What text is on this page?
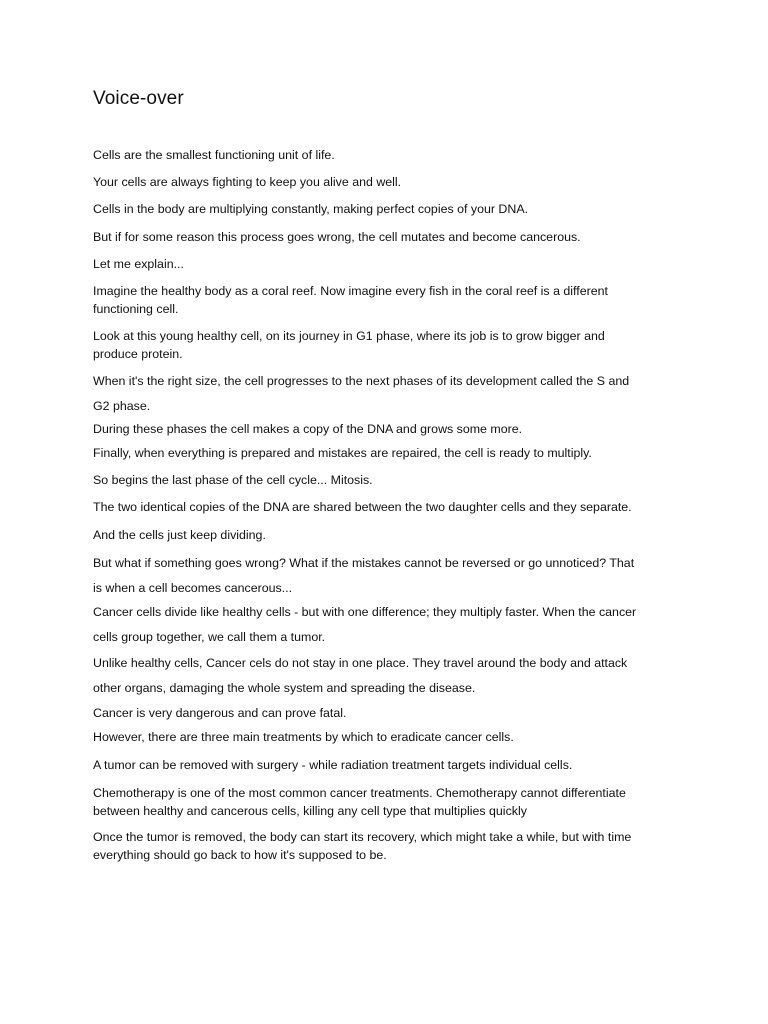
Voice-over

Cells are the smallest functioning unit of life.

Your cells are always fighting to keep you alive and well.

Cells in the body are multiplying constantly, making perfect copies of your DNA.

But if for some reason this process goes wrong, the cell mutates and become cancerous.

Let me explain...

Imagine the healthy body as a coral reef. Now imagine every fish in the coral reef is a different
functioning cell.

Look at this young healthy cell, on its journey in G1 phase, where its job is to grow bigger and
produce protein.

When it's the right size, the cell progresses to the next phases of its development called the S and
G2 phase.

During these phases the cell makes a copy of the DNA and grows some more.

Finally, when everything is prepared and mistakes are repaired, the cell is ready to multiply.

So begins the last phase of the cell cycle... Mitosis.

The two identical copies of the DNA are shared between the two daughter cells and they separate.

And the cells just keep dividing.

But what if something goes wrong? What if the mistakes cannot be reversed or go unnoticed? That
is when a cell becomes cancerous...

Cancer cells divide like healthy cells - but with one difference; they multiply faster. When the cancer
cells group together, we call them a tumor.

Unlike healthy cells, Cancer cels do not stay in one place. They travel around the body and attack
other organs, damaging the whole system and spreading the disease.

Cancer is very dangerous and can prove fatal.

However, there are three main treatments by which to eradicate cancer cells.

A tumor can be removed with surgery - while radiation treatment targets individual cells.

Chemotherapy is one of the most common cancer treatments. Chemotherapy cannot differentiate
between healthy and cancerous cells, killing any cell type that multiplies quickly

Once the tumor is removed, the body can start its recovery, which might take a while, but with time
everything should go back to how it's supposed to be.
